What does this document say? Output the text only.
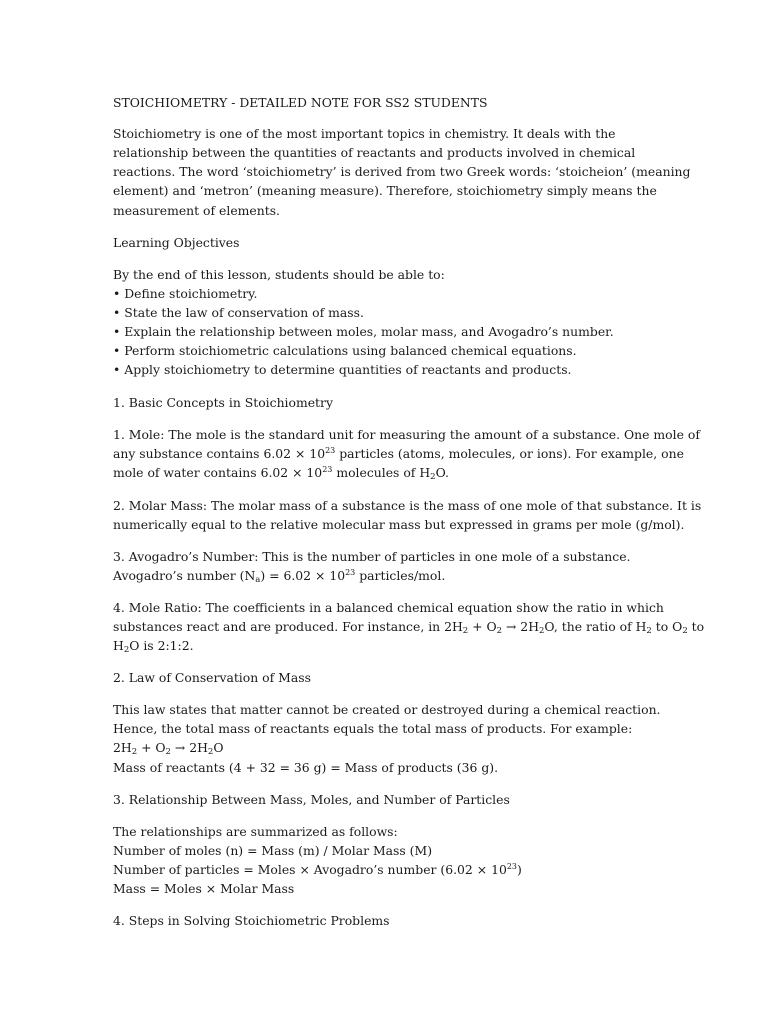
STOICHIOMETRY - DETAILED NOTE FOR SS2 STUDENTS

Stoichiometry is one of the most important topics in chemistry. It deals with the

relationship between the quantities of reactants and products involved in chemical

reactions. The word ‘stoichiometry’ is derived from two Greek words: ‘stoicheion’ (meaning

element) and ‘metron’ (meaning measure). Therefore, stoichiometry simply means the

measurement of elements.

Learning Objectives

By the end of this lesson, students should be able to:

• Define stoichiometry.

• State the law of conservation of mass.

• Explain the relationship between moles, molar mass, and Avogadro’s number.

• Perform stoichiometric calculations using balanced chemical equations.

• Apply stoichiometry to determine quantities of reactants and products.

1. Basic Concepts in Stoichiometry

1. Mole: The mole is the standard unit for measuring the amount of a substance. One mole of

any substance contains $6.02 \times 10^{23}$ particles (atoms, molecules, or ions). For example, one

mole of water contains $6.02 \times 10^{23}$ molecules of $H_2O$.

2. Molar Mass: The molar mass of a substance is the mass of one mole of that substance. It is

numerically equal to the relative molecular mass but expressed in grams per mole (g/mol).

3. Avogadro’s Number: This is the number of particles in one mole of a substance.

Avogadro’s number $(N_a) = 6.02 \times 10^{23}$ particles/mol.

4. Mole Ratio: The coefficients in a balanced chemical equation show the ratio in which

substances react and are produced. For instance, in $2H_2 + O_2 \to 2H_2O$, the ratio of $H_2$ to $O_2$ to

$H_2O$ is 2:1:2.

2. Law of Conservation of Mass

This law states that matter cannot be created or destroyed during a chemical reaction.

Hence, the total mass of reactants equals the total mass of products. For example:

$2H_2 + O_2 \to 2H_2O$

Mass of reactants (4 + 32 = 36 g) = Mass of products (36 g).

3. Relationship Between Mass, Moles, and Number of Particles

The relationships are summarized as follows:

Number of moles (n) = Mass (m) / Molar Mass (M)

Number of particles = Moles × Avogadro’s number $(6.02 \times 10^{23})$

Mass = Moles × Molar Mass

4. Steps in Solving Stoichiometric Problems
